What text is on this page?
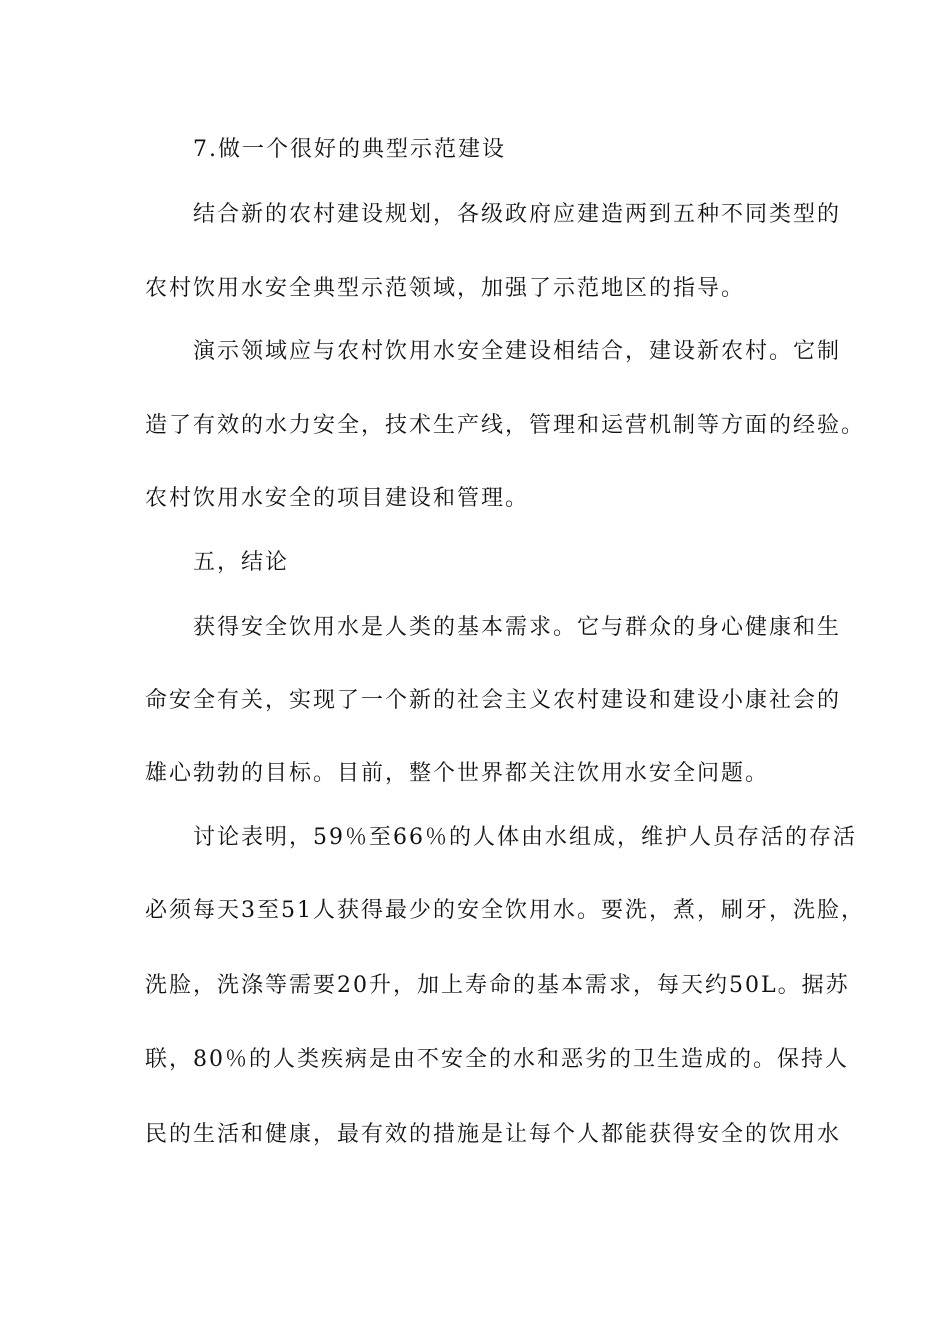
7.做一个很好的典型示范建设
结合新的农村建设规划，各级政府应建造两到五种不同类型的
农村饮用水安全典型示范领域，加强了示范地区的指导。
演示领域应与农村饮用水安全建设相结合，建设新农村。它制
造了有效的水力安全，技术生产线，管理和运营机制等方面的经验。
农村饮用水安全的项目建设和管理。
五，结论
获得安全饮用水是人类的基本需求。它与群众的身心健康和生
命安全有关，实现了一个新的社会主义农村建设和建设小康社会的
雄心勃勃的目标。目前，整个世界都关注饮用水安全问题。
讨论表明，59％至66％的人体由水组成，维护人员存活的存活
必须每天3至51人获得最少的安全饮用水。要洗，煮，刷牙，洗脸，
洗脸，洗涤等需要20升，加上寿命的基本需求，每天约50L。据苏
联，80％的人类疾病是由不安全的水和恶劣的卫生造成的。保持人
民的生活和健康，最有效的措施是让每个人都能获得安全的饮用水
